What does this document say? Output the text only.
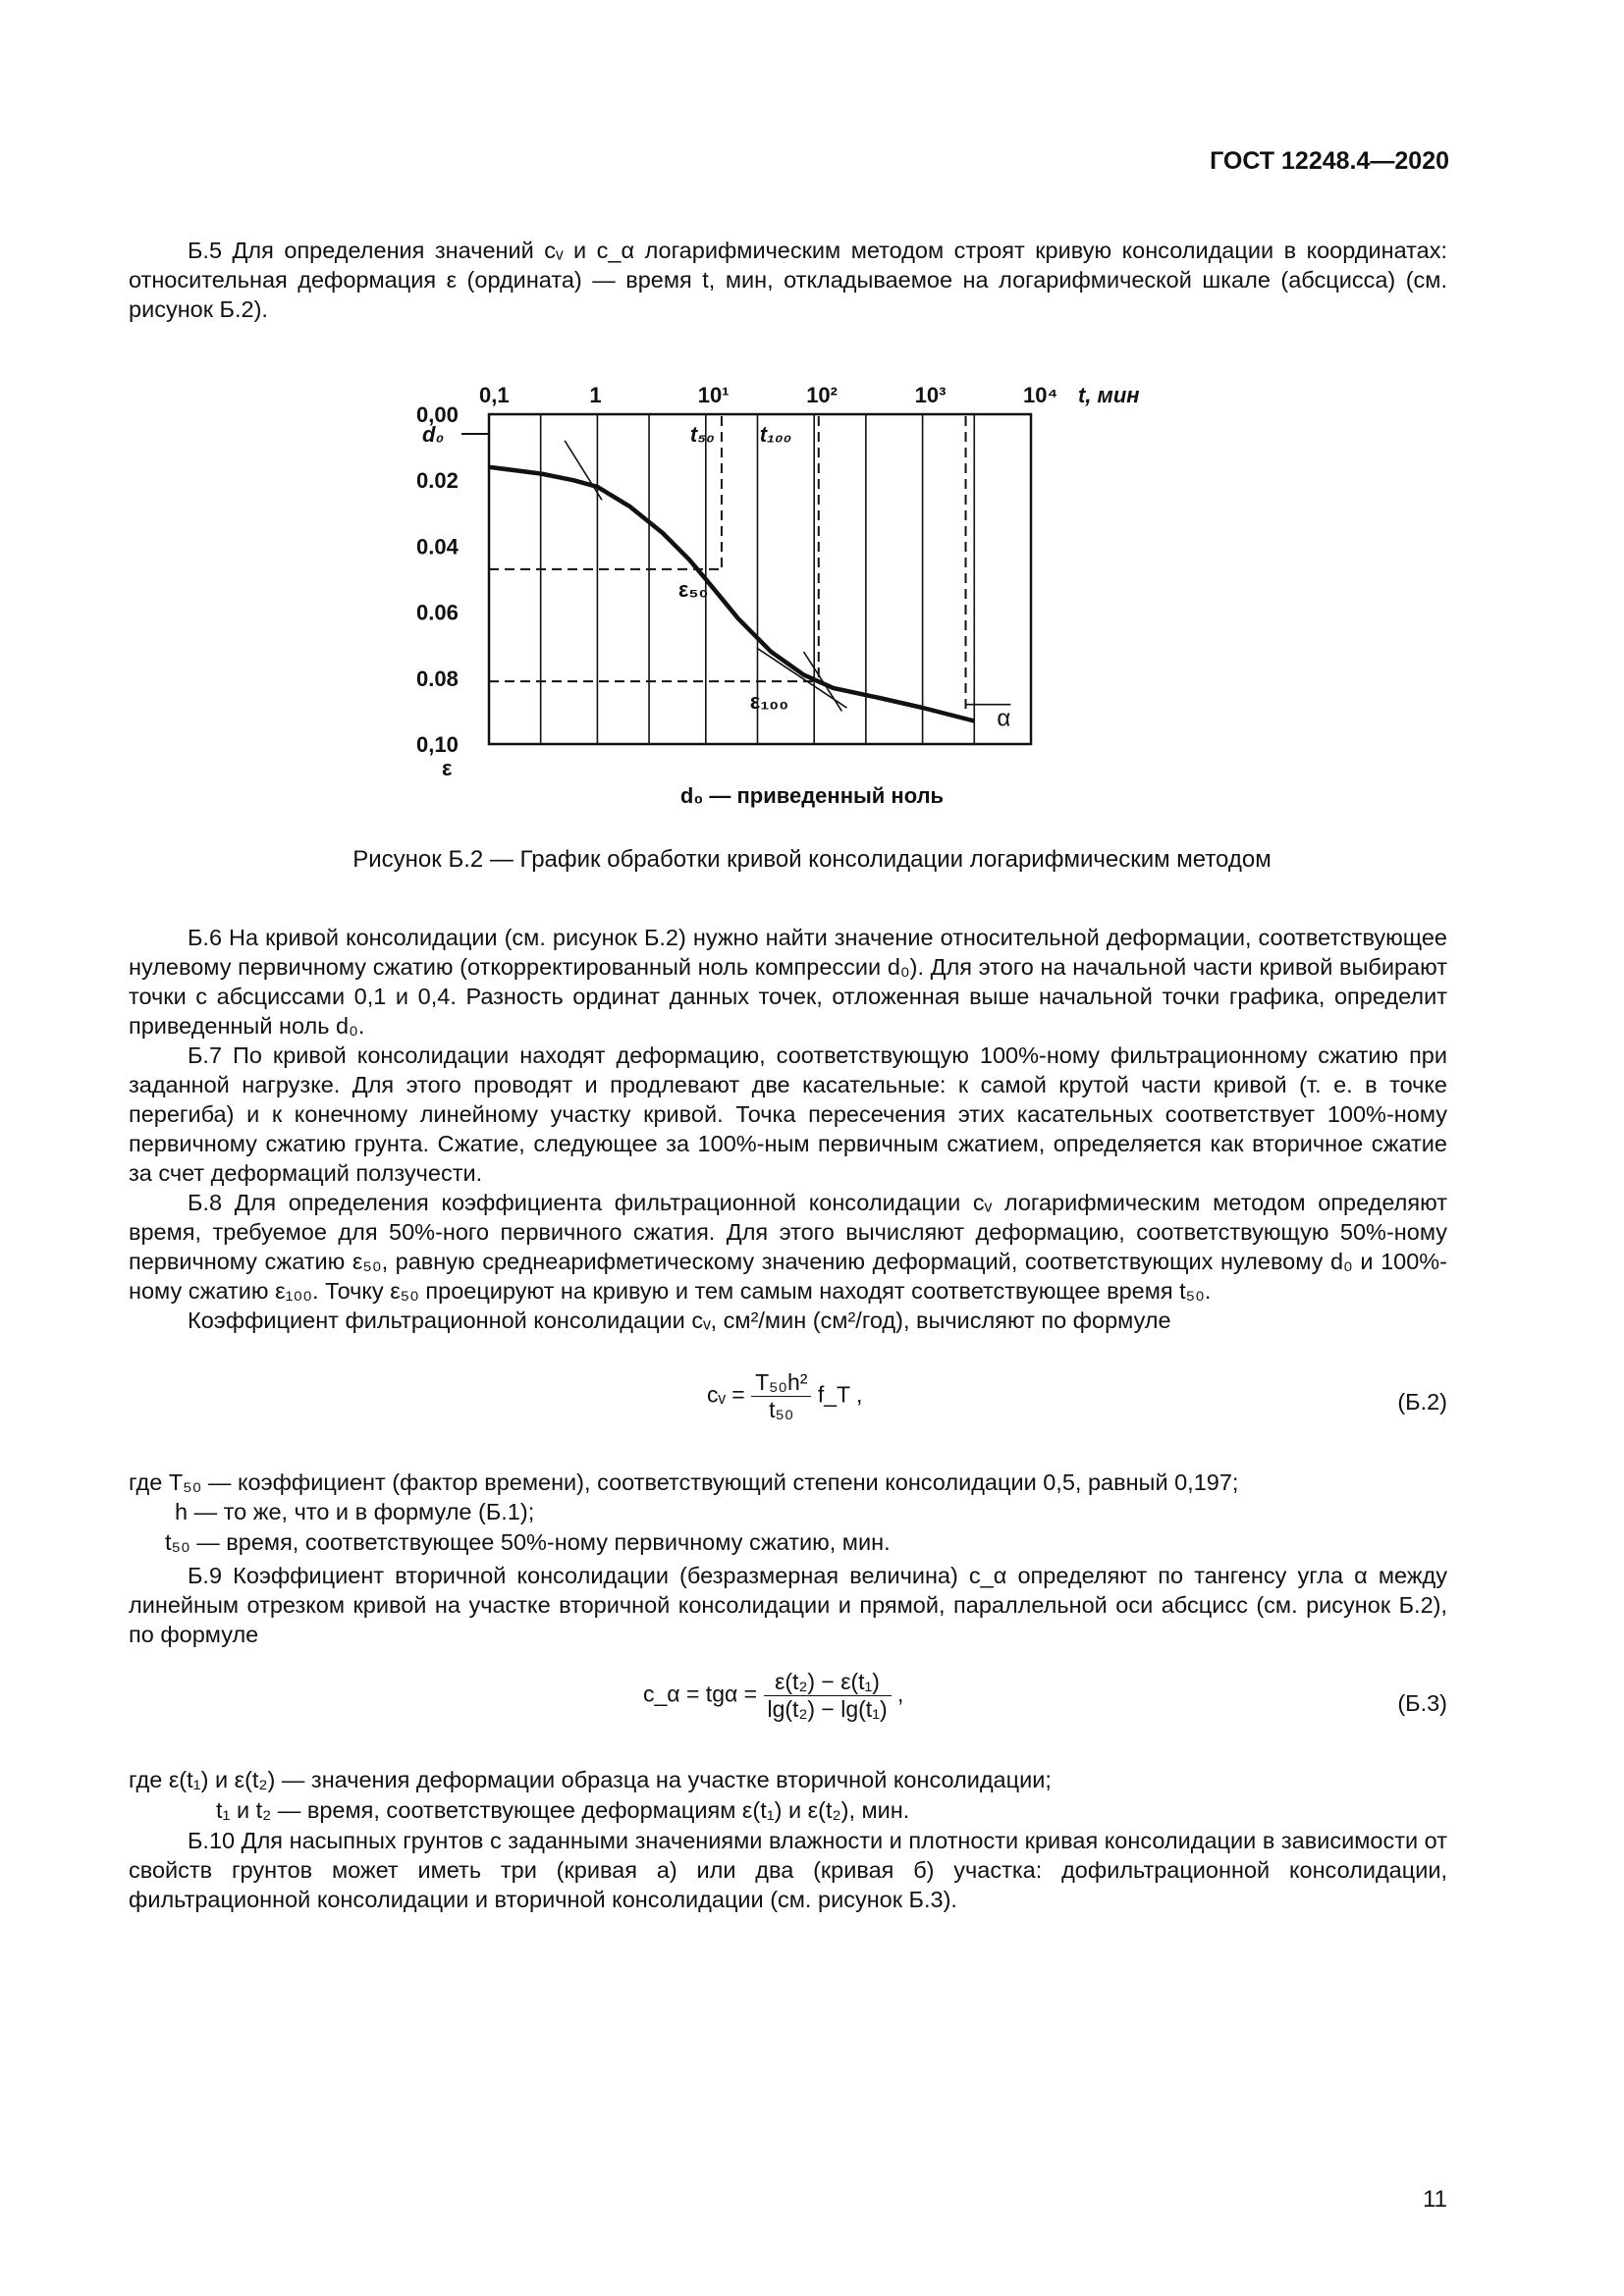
ГОСТ 12248.4—2020
Б.5 Для определения значений cᵥ и c_α логарифмическим методом строят кривую консолидации в координатах: относительная деформация ε (ордината) — время t, мин, откладываемое на логарифмической шкале (абсцисса) (см. рисунок Б.2).
0,1	1	10¹	10²	10³	10⁴ t, мин
0,00
0.02
0.04
0.06
0.08
0,10
ε
d₀	t₅₀ t₁₀₀
ε₅₀
ε₁₀₀
α
d₀ — приведенный ноль
Рисунок Б.2 — График обработки кривой консолидации логарифмическим методом
Б.6 На кривой консолидации (см. рисунок Б.2) нужно найти значение относительной деформации, соответствующее нулевому первичному сжатию (откорректированный ноль компрессии d₀). Для этого на начальной части кривой выбирают точки с абсциссами 0,1 и 0,4. Разность ординат данных точек, отложенная выше начальной точки графика, определит приведенный ноль d₀.
Б.7 По кривой консолидации находят деформацию, соответствующую 100%-ному фильтрационному сжатию при заданной нагрузке. Для этого проводят и продлевают две касательные: к самой крутой части кривой (т. е. в точке перегиба) и к конечному линейному участку кривой. Точка пересечения этих касательных соответствует 100%-ному первичному сжатию грунта. Сжатие, следующее за 100%-ным первичным сжатием, определяется как вторичное сжатие за счет деформаций ползучести.
Б.8 Для определения коэффициента фильтрационной консолидации cᵥ логарифмическим методом определяют время, требуемое для 50%-ного первичного сжатия. Для этого вычисляют деформацию, соответствующую 50%-ному первичному сжатию ε₅₀, равную среднеарифметическому значению деформаций, соответствующих нулевому d₀ и 100%-ному сжатию ε₁₀₀. Точку ε₅₀ проецируют на кривую и тем самым находят соответствующее время t₅₀.
Коэффициент фильтрационной консолидации cᵥ, см²/мин (см²/год), вычисляют по формуле
cᵥ = $\frac{\text{T₅₀h²}}{\text{t₅₀}}$ f_T ,	(Б.2)
где T₅₀ — коэффициент (фактор времени), соответствующий степени консолидации 0,5, равный 0,197;
h — то же, что и в формуле (Б.1);
t₅₀ — время, соответствующее 50%-ному первичному сжатию, мин.
Б.9 Коэффициент вторичной консолидации (безразмерная величина) c_α определяют по тангенсу угла α между линейным отрезком кривой на участке вторичной консолидации и прямой, параллельной оси абсцисс (см. рисунок Б.2), по формуле
c_α = $tg\alpha = \frac{\text{ε(t₂) − ε(t₁)}}{\text{lg(t₂) − lg(t₁)}}$ ,	(Б.3)
где ε(t₁) и ε(t₂) — значения деформации образца на участке вторичной консолидации;
t₁ и t₂ — время, соответствующее деформациям ε(t₁) и ε(t₂), мин.
Б.10 Для насыпных грунтов с заданными значениями влажности и плотности кривая консолидации в зависимости от свойств грунтов может иметь три (кривая а) или два (кривая б) участка: дофильтрационной консолидации, фильтрационной консолидации и вторичной консолидации (см. рисунок Б.3).
11
